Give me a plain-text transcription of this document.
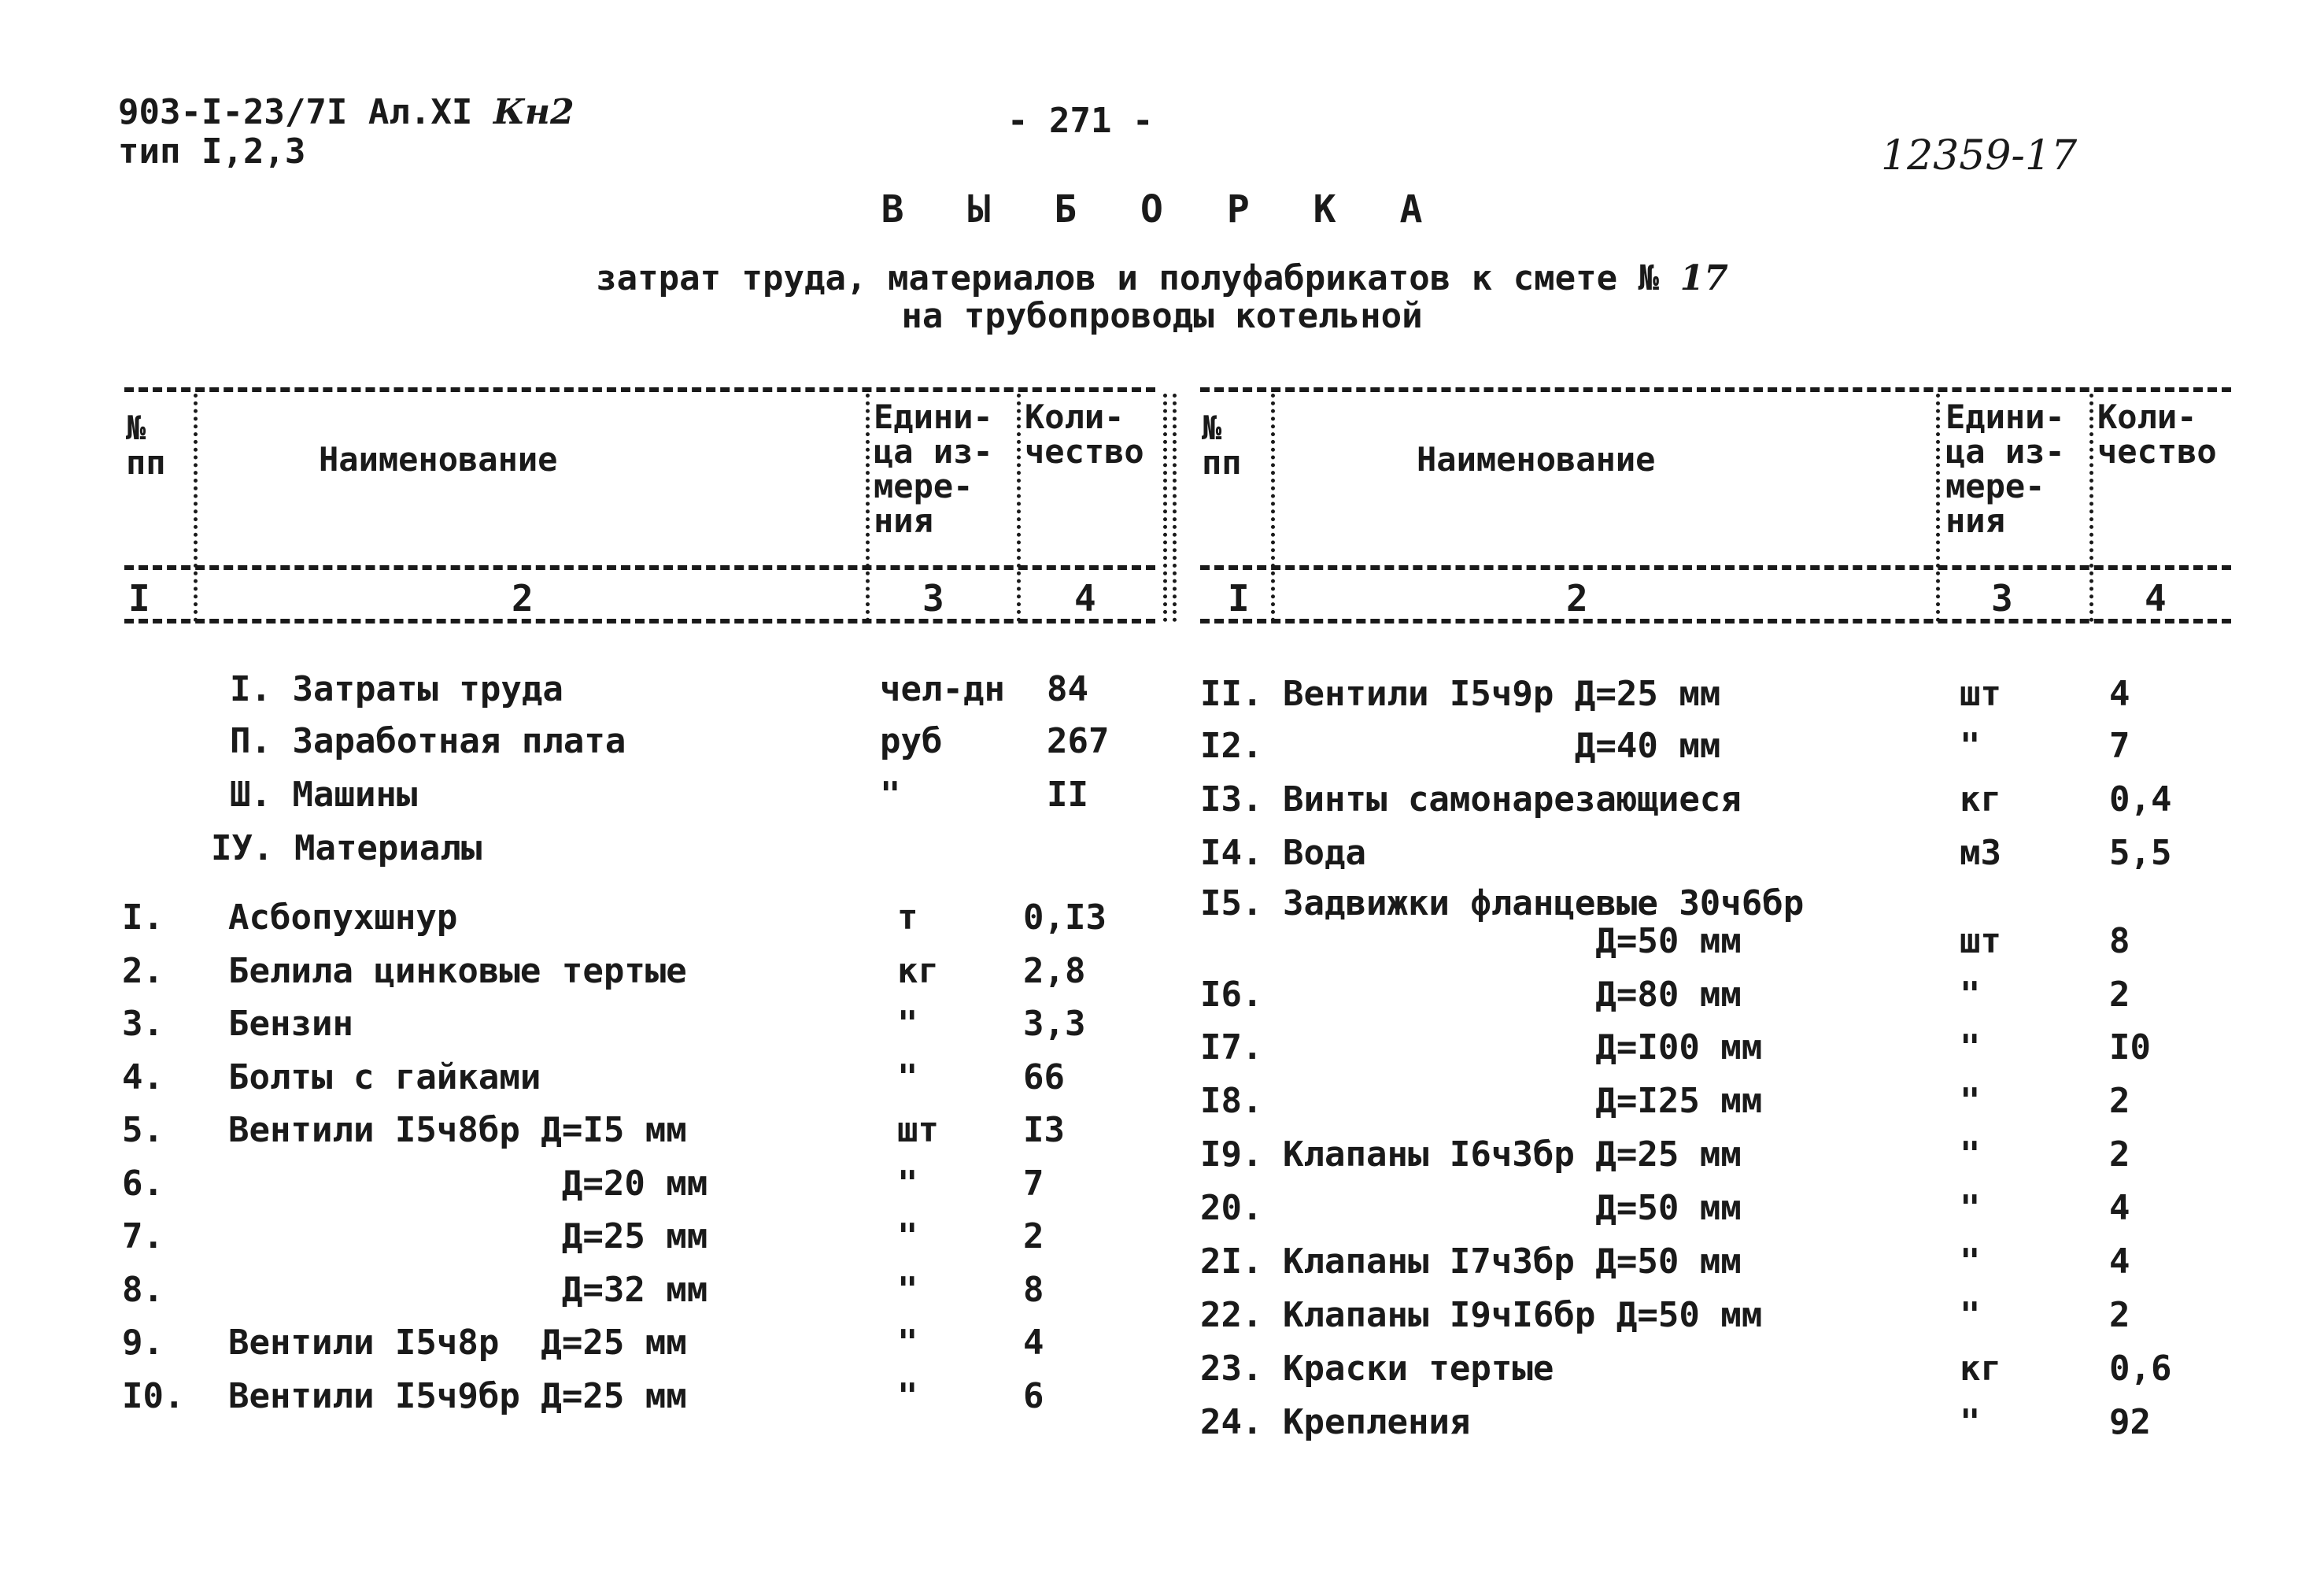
903-I-23/7I Ал.XI Кн2
тип I,2,3
- 271 -
12359-17
В Ы Б О Р К А
затрат труда, материалов и полуфабрикатов к смете № 17
на трубопроводы котельной
№
пп	Наименование
Едини-
ца из-
мере-
ния
Коли-
чество
№
пп	Наименование
Едини-
ца из-
мере-
ния
Коли-
чество
I	2	3	4	I	2	3	4
I. Затраты труда	чел-дн 84
П. Заработная плата	руб	267
Ш. Машины	"	II
IУ. Материалы
I. Асбопухшнур	т	0,I3
2. Белила цинковые тертые	кг 2,8
3. Бензин	"	3,3
4. Болты с гайками	"	66
5. Вентили I5ч8бр Д=I5 мм	шт I3
6. Д=20 мм	"	7
7. Д=25 мм	"	2
8. Д=32 мм	"	8
9. Вентили I5ч8р  Д=25 мм	"	4
I0. Вентили I5ч9бр Д=25 мм	"	6
II. Вентили I5ч9р Д=25 мм	шт	4
I2. Д=40 мм	"	7
I3. Винты самонарезающиеся	кг	0,4
I4. Вода	м3	5,5
I5. Задвижки фланцевые 30ч6бр
Д=50 мм	шт	8
I6. Д=80 мм	"	2
I7. Д=I00 мм	"	I0
I8. Д=I25 мм	"	2
I9. Клапаны I6ч3бр Д=25 мм	"	2
20. Д=50 мм	"	4
2I. Клапаны I7ч3бр Д=50 мм	"	4
22. Клапаны I9чI6бр Д=50 мм	"	2
23. Краски тертые	кг	0,6
24. Крепления	"	92
